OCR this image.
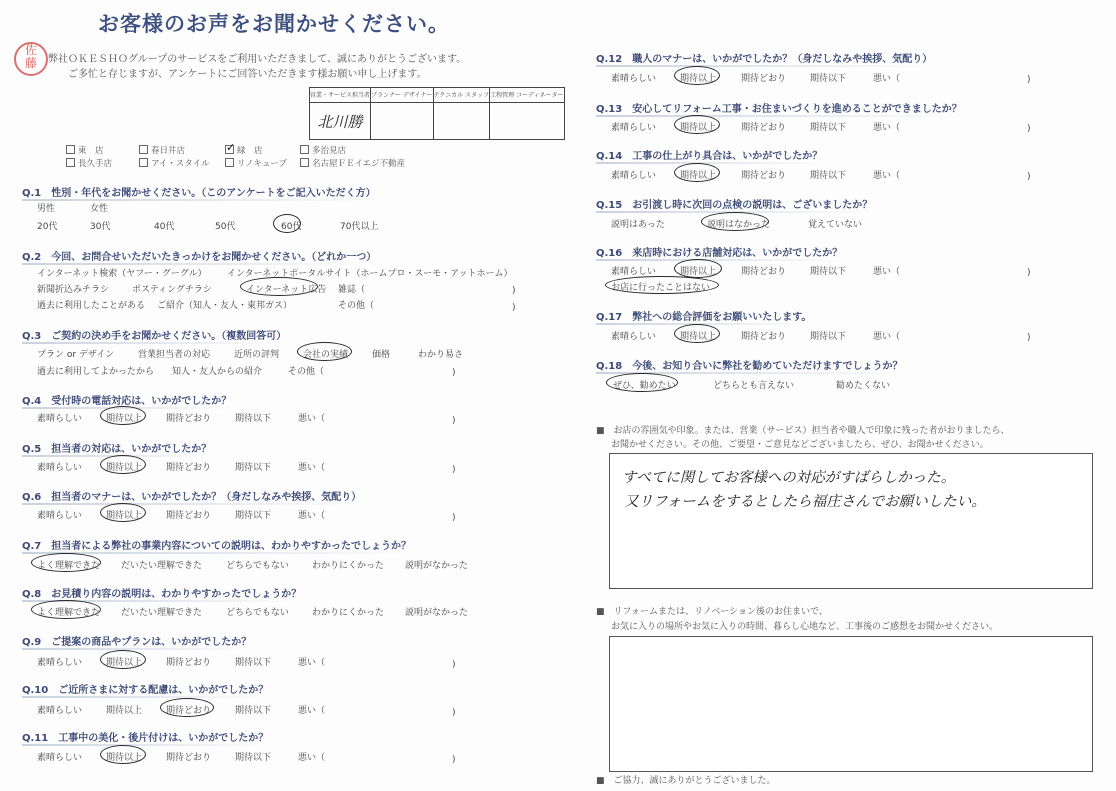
お客様のお声をお聞かせください。
佐
藤	弊社ＯＫＥＳＨＯグループのサービスをご利用いただきまして、誠にありがとうございます。
ご多忙と存じますが、アンケートにご回答いただきます様お願い申し上げます。
営業・サービス担当者	プランナー デザイナー	テクニカル スタッフ	工程管理 コーディネーター
北川勝			
東　店	春日井店	✓ 緑　店	多治見店
長久手店	アイ・スタイル	リノキューブ	名古屋ＦＥイエジ不動産
Q.1　性別・年代をお聞かせください。（このアンケートをご記入いただく方）
男性	女性
20代	30代	40代	50代	60代	70代以上
Q.2　今回、お問合せいただいたきっかけをお聞かせください。（どれか一つ）
インターネット検索（ヤフー・グーグル） インターネットポータルサイト（ホームプロ・スーモ・アットホーム）
新聞折込みチラシ	ポスティングチラシ	インターネット広告 雑誌（	)
過去に利用したことがある ご紹介（知人・友人・東邦ガス）	その他（	)
Q.3　ご契約の決め手をお聞かせください。（複数回答可）
プラン or デザイン	営業担当者の対応	近所の評判	会社の実績	価格	わかり易さ
過去に利用してよかったから 知人・友人からの紹介	その他（	)
Q.4　受付時の電話対応は、いかがでしたか？
素晴らしい	期待以上	期待どおり	期待以下	悪い（	)
Q.5　担当者の対応は、いかがでしたか？
素晴らしい	期待以上	期待どおり	期待以下	悪い（	)
Q.6　担当者のマナーは、いかがでしたか？（身だしなみや挨拶、気配り）
素晴らしい	期待以上	期待どおり	期待以下	悪い（	)
Q.7　担当者による弊社の事業内容についての説明は、わかりやすかったでしょうか？
よく理解できた だいたい理解できた	どちらでもない	わかりにくかった 説明がなかった
Q.8　お見積り内容の説明は、わかりやすかったでしょうか？
よく理解できた だいたい理解できた	どちらでもない	わかりにくかった 説明がなかった
Q.9　ご提案の商品やプランは、いかがでしたか？
素晴らしい	期待以上	期待どおり	期待以下	悪い（	)
Q.10　ご近所さまに対する配慮は、いかがでしたか？
素晴らしい	期待以上	期待どおり	期待以下	悪い（	)
Q.11　工事中の美化・後片付けは、いかがでしたか？
素晴らしい	期待以上	期待どおり	期待以下	悪い（	)
Q.12　職人のマナーは、いかがでしたか？（身だしなみや挨拶、気配り）
素晴らしい	期待以上	期待どおり	期待以下	悪い（	)
Q.13　安心してリフォーム工事・お住まいづくりを進めることができましたか？
素晴らしい	期待以上	期待どおり	期待以下	悪い（	)
Q.14　工事の仕上がり具合は、いかがでしたか？
素晴らしい	期待以上	期待どおり	期待以下	悪い（	)
Q.15　お引渡し時に次回の点検の説明は、ございましたか？
説明はあった	説明はなかった	覚えていない
Q.16　来店時における店舗対応は、いかがでしたか？
素晴らしい	期待以上	期待どおり	期待以下	悪い（	)
お店に行ったことはない
Q.17　弊社への総合評価をお願いいたします。
素晴らしい	期待以上	期待どおり	期待以下	悪い（	)
Q.18　今後、お知り合いに弊社を勧めていただけますでしょうか？
ぜひ、勧めたい	どちらとも言えない	勧めたくない
■　お店の雰囲気や印象。または、営業（サービス）担当者や職人で印象に残った者がおりましたら、
お聞かせください。その他、ご要望・ご意見などございましたら、ぜひ、お聞かせください。
すべてに関してお客様への対応がすばらしかった。
又リフォームをするとしたら福庄さんでお願いしたい。
■　リフォームまたは、リノベーション後のお住まいで、
お気に入りの場所やお気に入りの時間、暮らし心地など、工事後のご感想をお聞かせください。
■　ご協力、誠にありがとうございました。
